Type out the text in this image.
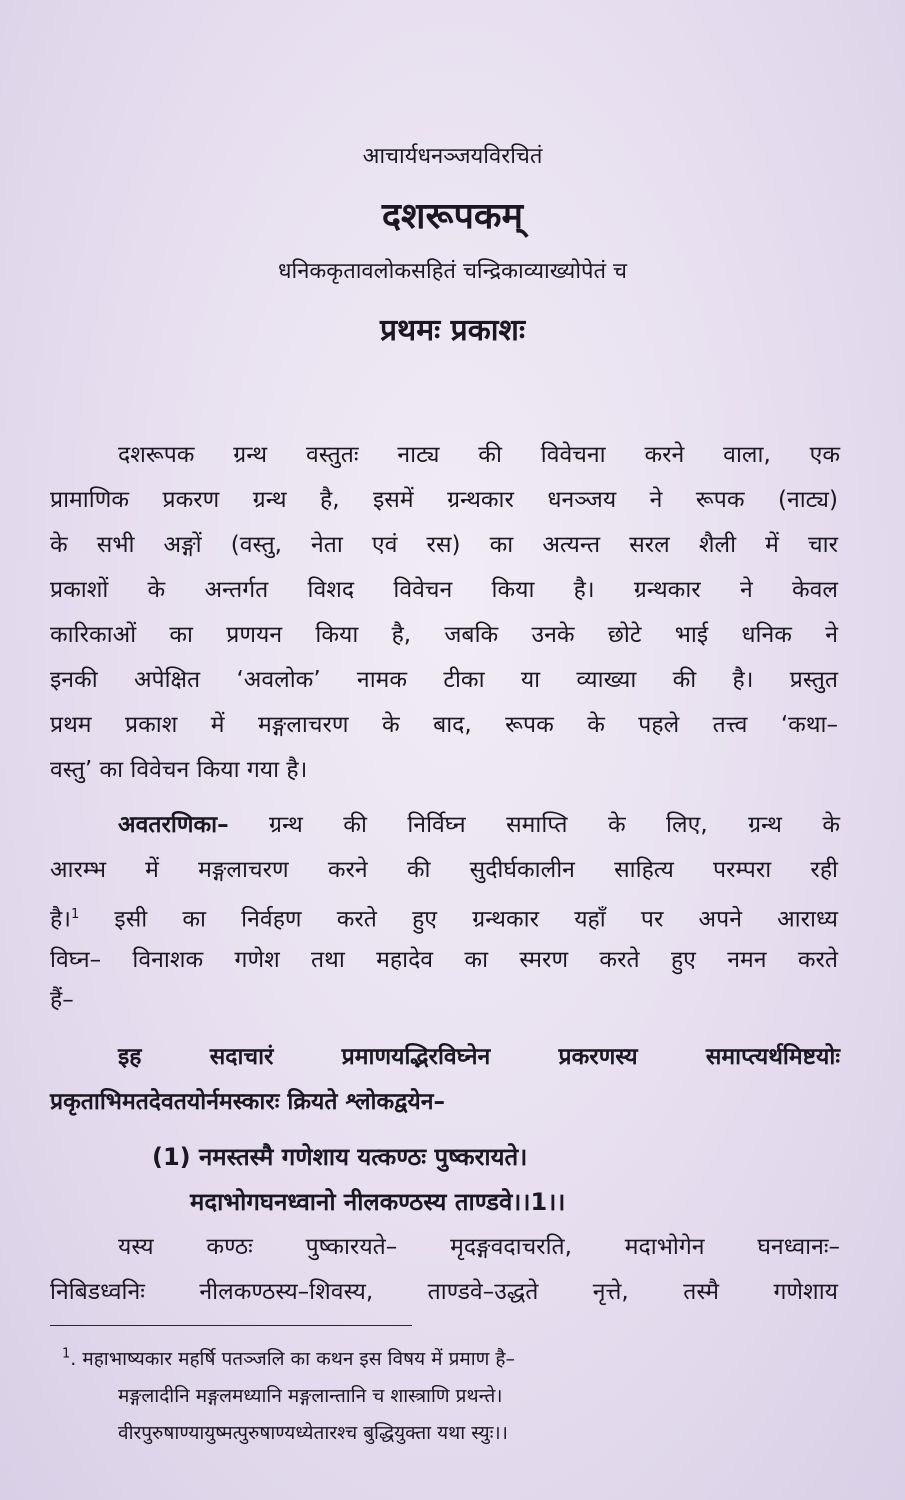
आचार्यधनञ्जयविरचितं
दशरूपकम्
धनिककृतावलोकसहितं चन्द्रिकाव्याख्योपेतं च
प्रथमः प्रकाशः
दशरूपक ग्रन्थ वस्तुतः नाट्य की विवेचना करने वाला, एक
प्रामाणिक प्रकरण ग्रन्थ है, इसमें ग्रन्थकार धनञ्जय ने रूपक (नाट्य)
के सभी अङ्गों (वस्तु, नेता एवं रस) का अत्यन्त सरल शैली में चार
प्रकाशों के अन्तर्गत विशद विवेचन किया है। ग्रन्थकार ने केवल
कारिकाओं का प्रणयन किया है, जबकि उनके छोटे भाई धनिक ने
इनकी अपेक्षित ‘अवलोक’ नामक टीका या व्याख्या की है। प्रस्तुत
प्रथम प्रकाश में मङ्गलाचरण के बाद, रूपक के पहले तत्त्व ‘कथा–
वस्तु’ का विवेचन किया गया है।
अवतरणिका– ग्रन्थ की निर्विघ्न समाप्ति के लिए, ग्रन्थ के
आरम्भ में मङ्गलाचरण करने की सुदीर्घकालीन साहित्य परम्परा रही
है।$^1$ इसी का निर्वहण करते हुए ग्रन्थकार यहाँ पर अपने आराध्य
विघ्न– विनाशक गणेश तथा महादेव का स्मरण करते हुए नमन करते
हैं–
इह सदाचारं प्रमाणयद्भिरविघ्नेन प्रकरणस्य समाप्त्यर्थमिष्टयोः
प्रकृताभिमतदेवतयोर्नमस्कारः क्रियते श्लोकद्वयेन–
(1) नमस्तस्मै गणेशाय यत्कण्ठः पुष्करायते।
मदाभोगघनध्वानो नीलकण्ठस्य ताण्डवे।।1।।
यस्य कण्ठः पुष्कारयते– मृदङ्गवदाचरति, मदाभोगेन घनध्वानः–
निबिडध्वनिः नीलकण्ठस्य–शिवस्य, ताण्डवे–उद्धते नृत्ते, तस्मै गणेशाय
$^1$. महाभाष्यकार महर्षि पतञ्जलि का कथन इस विषय में प्रमाण है–
मङ्गलादीनि मङ्गलमध्यानि मङ्गलान्तानि च शास्त्राणि प्रथन्ते।
वीरपुरुषाण्यायुष्मत्पुरुषाण्यध्येतारश्च बुद्धियुक्ता यथा स्युः।।
